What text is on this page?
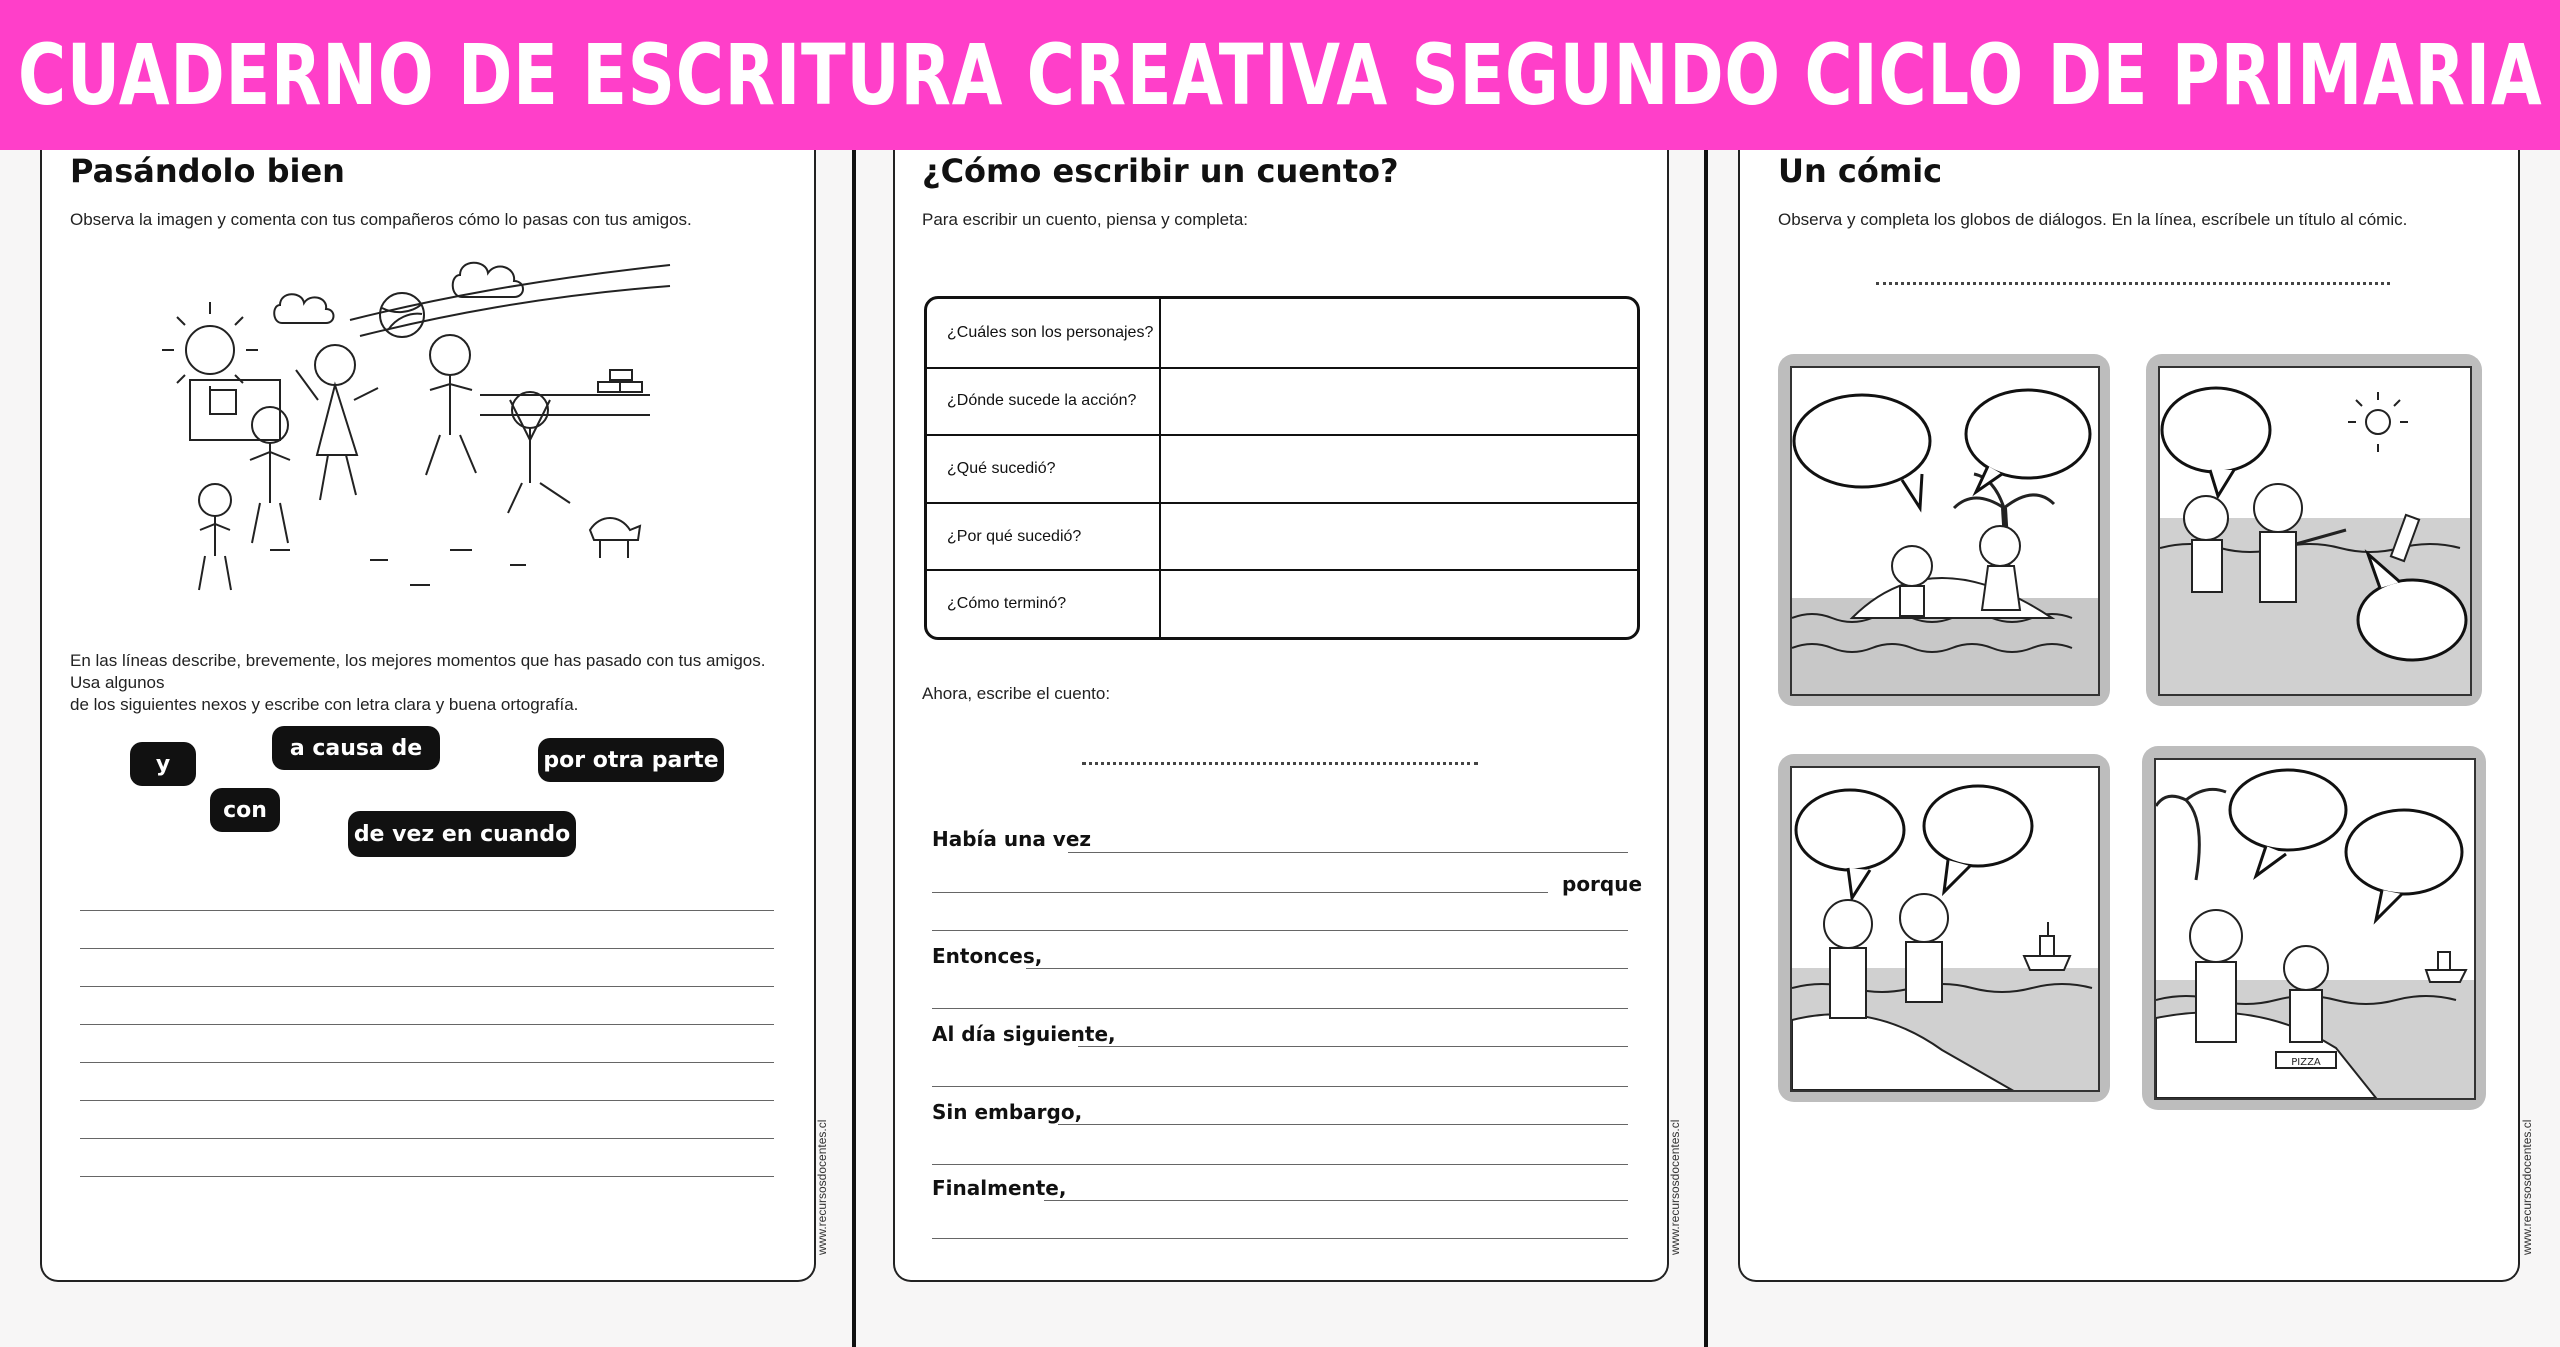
CUADERNO DE ESCRITURA CREATIVA SEGUNDO CICLO DE PRIMARIA
Pasándolo bien
Observa la imagen y comenta con tus compañeros cómo lo pasas con tus amigos.
En las líneas describe, brevemente, los mejores momentos que has pasado con tus amigos. Usa algunos
de los siguientes nexos y escribe con letra clara y buena ortografía.
y
a causa de	por otra parte
con
de vez en cuando
www.recursosdocentes.cl
¿Cómo escribir un cuento?
Para escribir un cuento, piensa y completa:
¿Cuáles son los personajes?
¿Dónde sucede la acción?
¿Qué sucedió?
¿Por qué sucedió?
¿Cómo terminó?
Ahora, escribe el cuento:
Había una vez
porque
Entonces,
Al día siguiente,
Sin embargo,
Finalmente,	www.recursosdocentes.cl
Un cómic
Observa y completa los globos de diálogos. En la línea, escríbele un título al cómic.
PIZZA
www.recursosdocentes.cl
